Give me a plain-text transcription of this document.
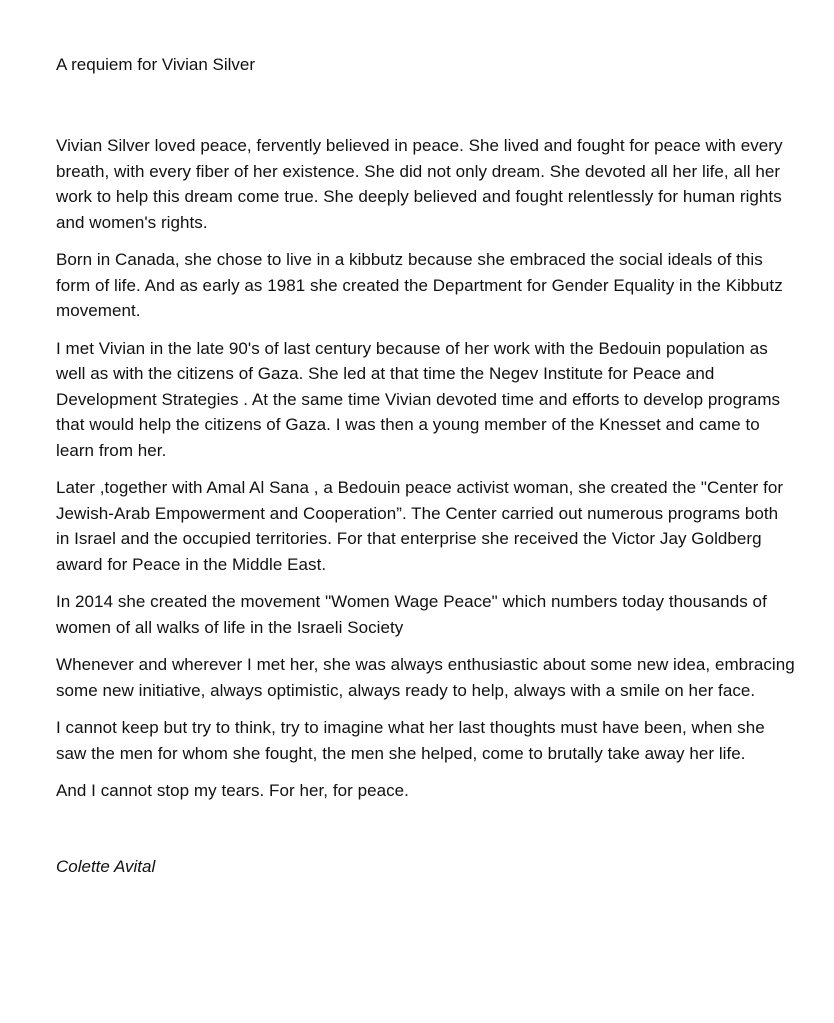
A requiem for Vivian Silver

Vivian Silver loved peace, fervently believed in peace. She lived and fought for peace with every breath, with every fiber of her existence. She did not only dream. She devoted all her life, all her work to help this dream come true. She deeply believed and fought relentlessly for human rights and women's rights.

Born in Canada, she chose to live in a kibbutz because she embraced the social ideals of this form of life. And as early as 1981 she created the Department for Gender Equality in the Kibbutz movement.

I met Vivian in the late 90's of last century because of her work with the Bedouin population as well as with the citizens of Gaza. She led at that time the Negev Institute for Peace and Development Strategies . At the same time Vivian devoted time and efforts to develop programs that would help the citizens of Gaza. I was then a young member of the Knesset and came to learn from her.

Later ,together with Amal Al Sana , a Bedouin peace activist woman, she created the "Center for Jewish-Arab Empowerment and Cooperation”. The Center carried out numerous programs both in Israel and the occupied territories. For that enterprise she received the Victor Jay Goldberg award for Peace in the Middle East.

In 2014 she created the movement "Women Wage Peace" which numbers today thousands of women of all walks of life in the Israeli Society

Whenever and wherever I met her, she was always enthusiastic about some new idea, embracing some new initiative, always optimistic, always ready to help, always with a smile on her face.

I cannot keep but try to think, try to imagine what her last thoughts must have been, when she saw the men for whom she fought, the men she helped, come to brutally take away her life.

And I cannot stop my tears. For her, for peace.

Colette Avital
